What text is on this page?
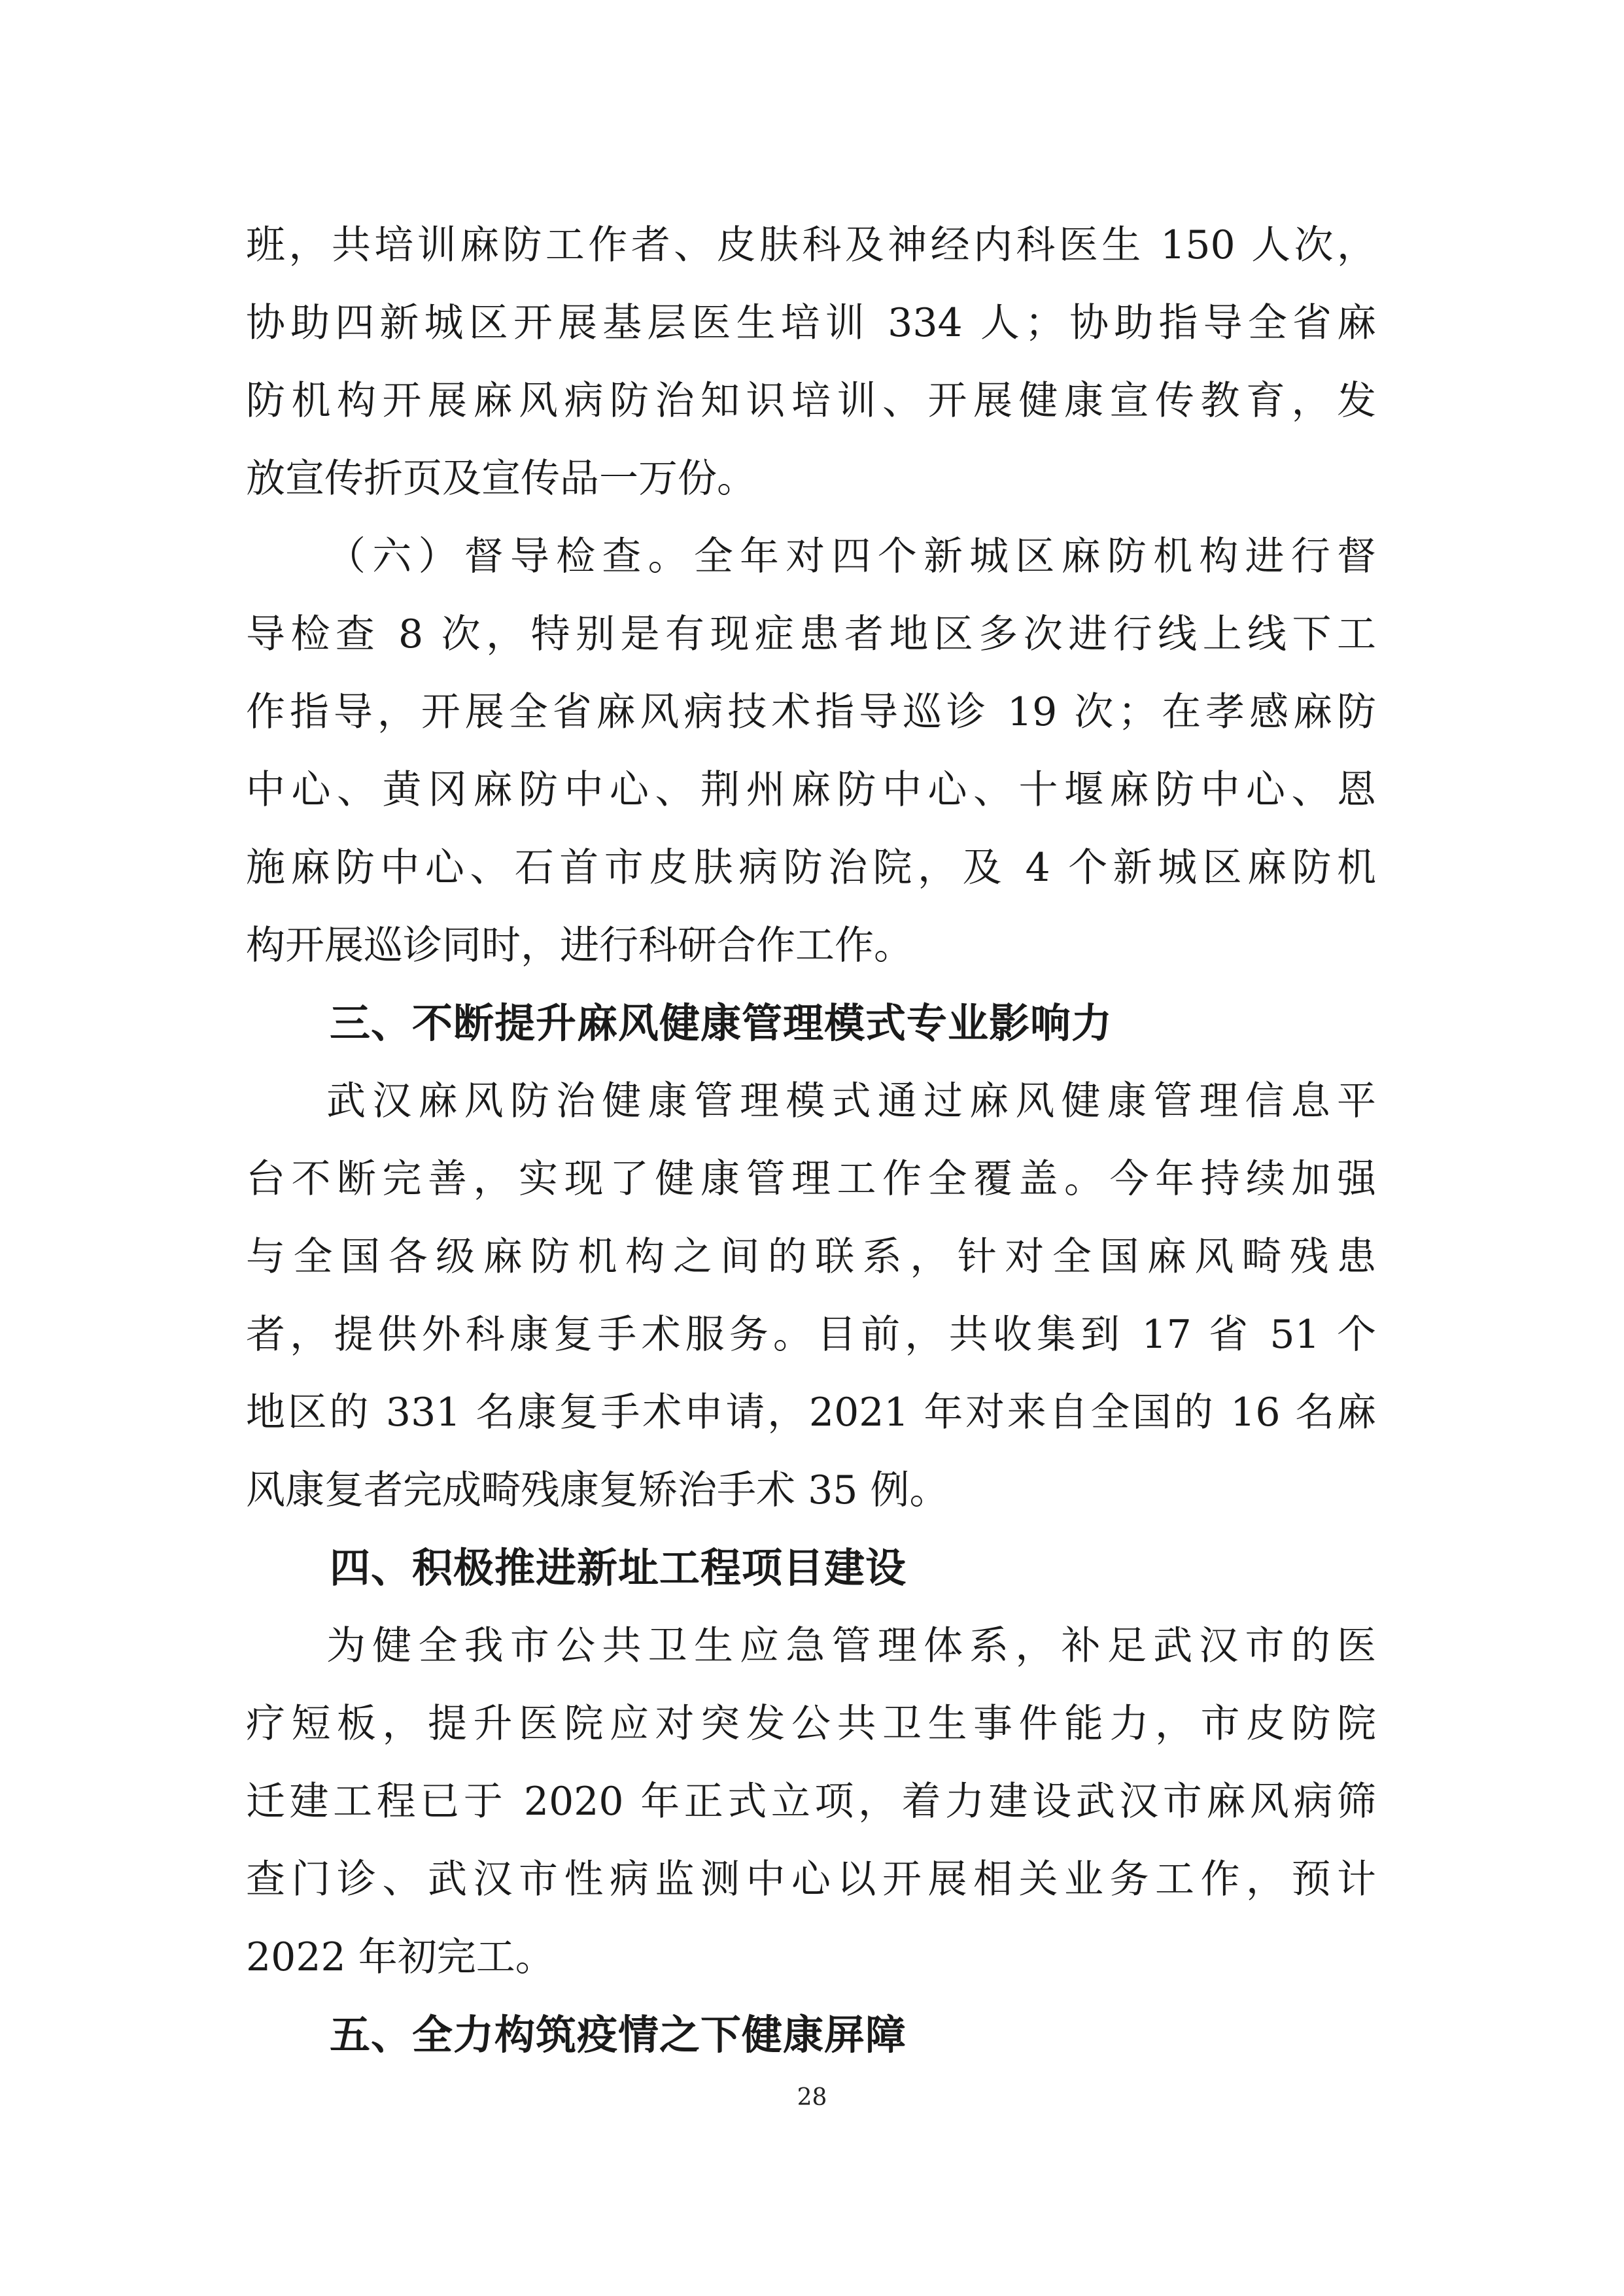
班，共培训麻防工作者、皮肤科及神经内科医生 150 人次，
协助四新城区开展基层医生培训 334 人；协助指导全省麻
防机构开展麻风病防治知识培训、开展健康宣传教育，发
放宣传折页及宣传品一万份。
（六）督导检查。全年对四个新城区麻防机构进行督
导检查 8 次，特别是有现症患者地区多次进行线上线下工
作指导，开展全省麻风病技术指导巡诊 19 次；在孝感麻防
中心、黄冈麻防中心、荆州麻防中心、十堰麻防中心、恩
施麻防中心、石首市皮肤病防治院，及 4 个新城区麻防机
构开展巡诊同时，进行科研合作工作。
三、不断提升麻风健康管理模式专业影响力
武汉麻风防治健康管理模式通过麻风健康管理信息平
台不断完善，实现了健康管理工作全覆盖。今年持续加强
与全国各级麻防机构之间的联系，针对全国麻风畸残患
者，提供外科康复手术服务。目前，共收集到 17 省 51 个
地区的 331 名康复手术申请，2021 年对来自全国的 16 名麻
风康复者完成畸残康复矫治手术 35 例。
四、积极推进新址工程项目建设
为健全我市公共卫生应急管理体系，补足武汉市的医
疗短板，提升医院应对突发公共卫生事件能力，市皮防院
迁建工程已于 2020 年正式立项，着力建设武汉市麻风病筛
查门诊、武汉市性病监测中心以开展相关业务工作，预计
2022 年初完工。
五、全力构筑疫情之下健康屏障
28
